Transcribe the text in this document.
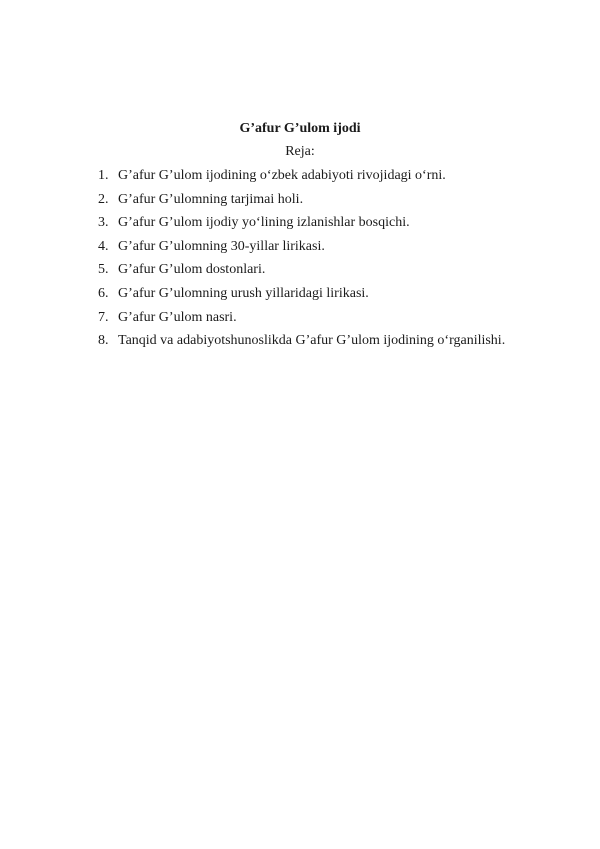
G’afur G’ulom ijodi
Reja:
1. G’afur G’ulom ijodining o‘zbek adabiyoti rivojidagi o‘rni.
2. G’afur G’ulomning tarjimai holi.
3. G’afur G’ulom ijodiy yo‘lining izlanishlar bosqichi.
4. G’afur G’ulomning 30-yillar lirikasi.
5. G’afur G’ulom dostonlari.
6. G’afur G’ulomning urush yillaridagi lirikasi.
7. G’afur G’ulom nasri.
8. Tanqid va adabiyotshunoslikda G’afur G’ulom ijodining o‘rganilishi.
